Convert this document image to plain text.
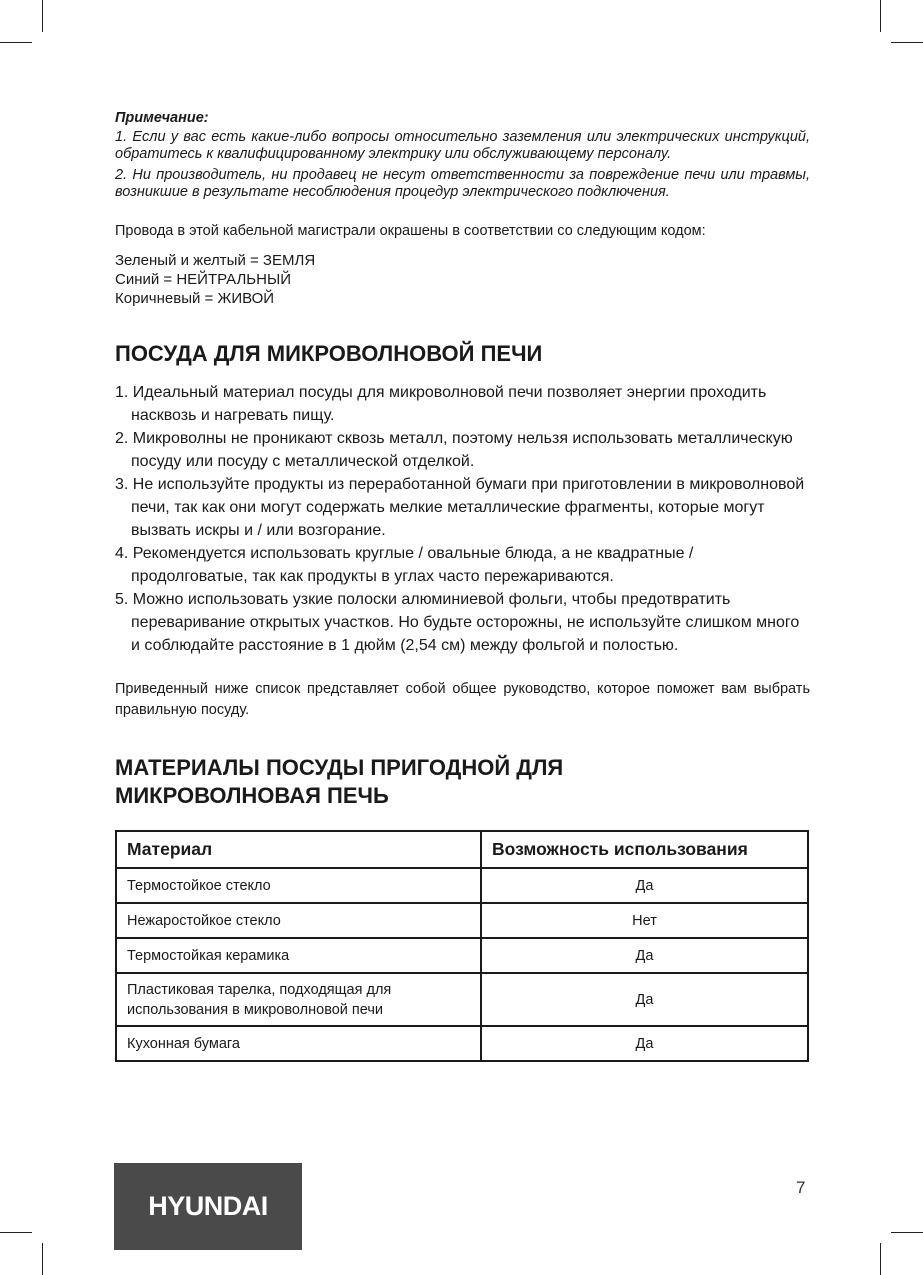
Примечание:

1. Если у вас есть какие-либо вопросы относительно заземления или электрических инструкций, обратитесь к квалифицированному электрику или обслуживающему персоналу.

2. Ни производитель, ни продавец не несут ответственности за повреждение печи или травмы, возникшие в результате несоблюдения процедур электрического подключения.

Провода в этой кабельной магистрали окрашены в соответствии со следующим кодом:

Зеленый и желтый = ЗЕМЛЯ
Синий = НЕЙТРАЛЬНЫЙ
Коричневый = ЖИВОЙ
ПОСУДА ДЛЯ МИКРОВОЛНОВОЙ ПЕЧИ
1. Идеальный материал посуды для микроволновой печи позволяет энергии проходить насквозь и нагревать пищу.
2. Микроволны не проникают сквозь металл, поэтому нельзя использовать металлическую посуду или посуду с металлической отделкой.
3. Не используйте продукты из переработанной бумаги при приготовлении в микроволновой печи, так как они могут содержать мелкие металлические фрагменты, которые могут вызвать искры и / или возгорание.
4. Рекомендуется использовать круглые / овальные блюда, а не квадратные / продолговатые, так как продукты в углах часто пережариваются.
5. Можно использовать узкие полоски алюминиевой фольги, чтобы предотвратить переваривание открытых участков. Но будьте осторожны, не используйте слишком много и соблюдайте расстояние в 1 дюйм (2,54 см) между фольгой и полостью.

Приведенный ниже список представляет собой общее руководство, которое поможет вам выбрать правильную посуду.

МАТЕРИАЛЫ ПОСУДЫ ПРИГОДНОЙ ДЛЯ
МИКРОВОЛНОВАЯ ПЕЧЬ
Материал	Возможность использования
Термостойкое стекло	Да
Нежаростойкое стекло	Нет
Термостойкая керамика	Да
Пластиковая тарелка, подходящая для использования в микроволновой печи	Да
Кухонная бумага	Да
HYUNDAI
7
